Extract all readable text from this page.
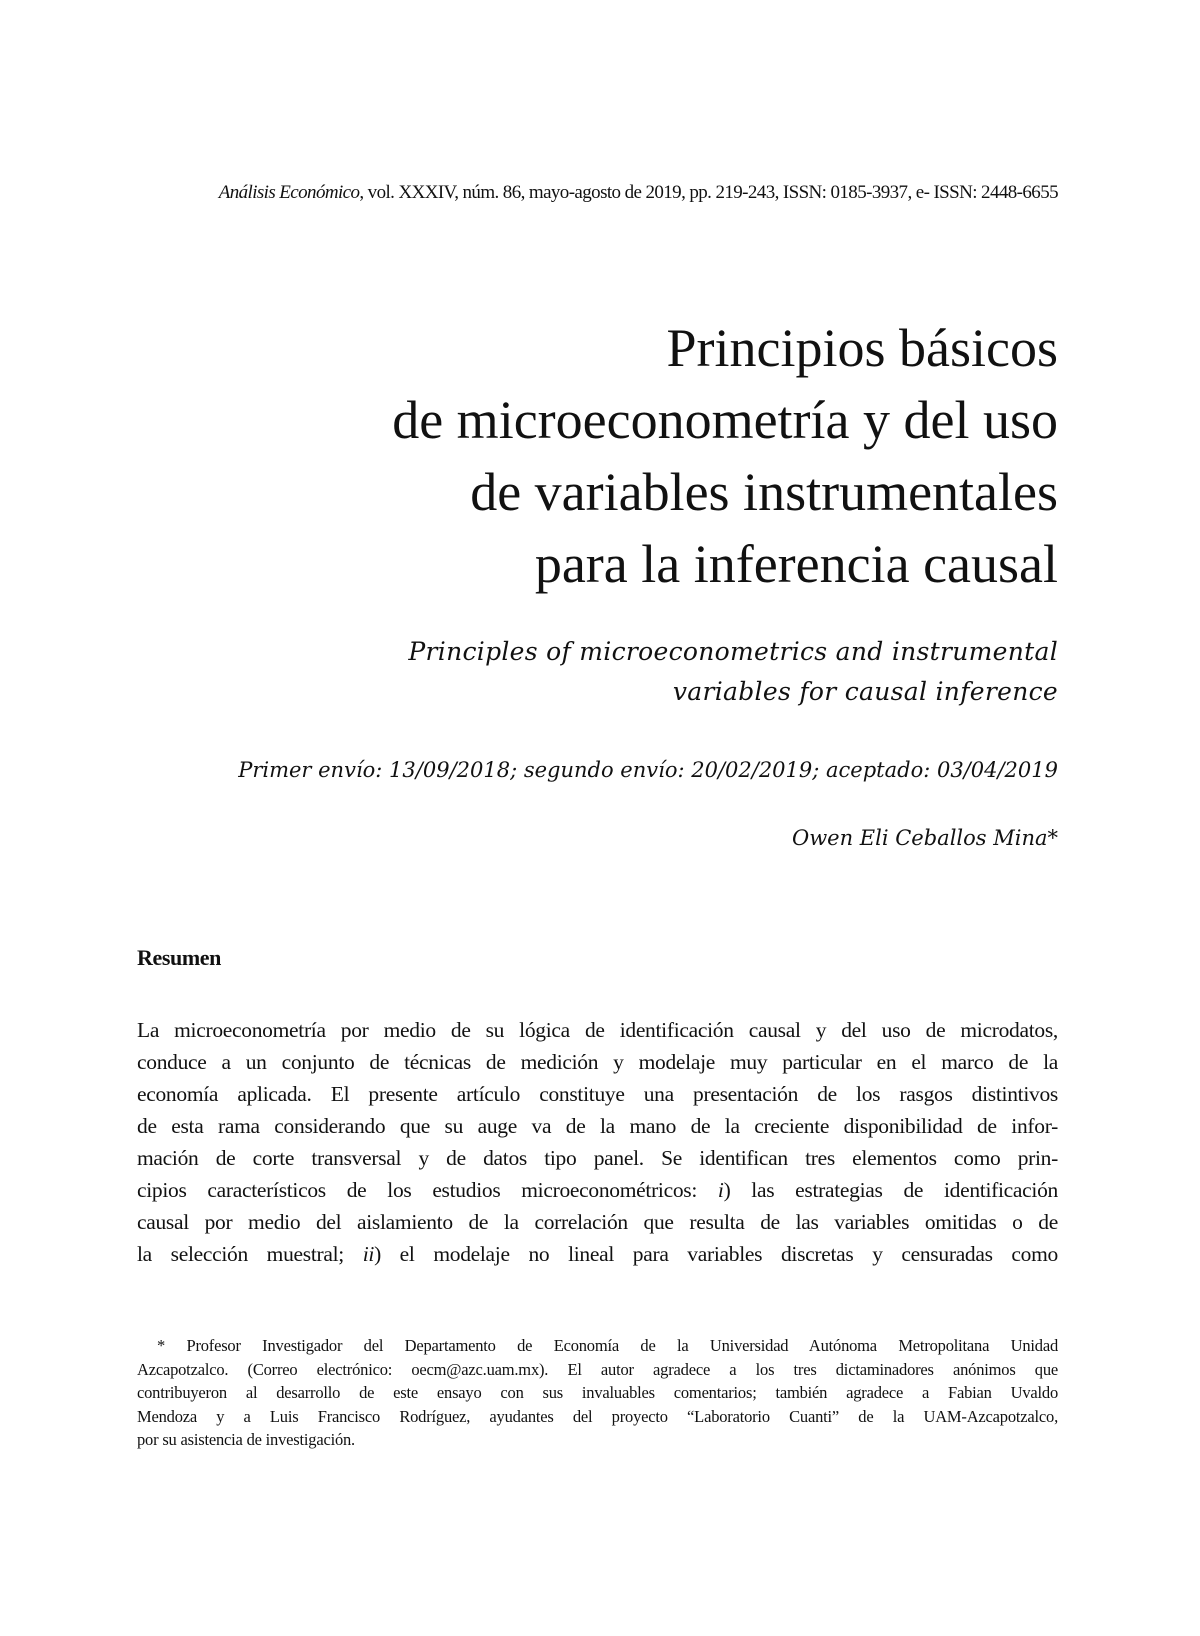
Análisis Económico, vol. XXXIV, núm. 86, mayo-agosto de 2019, pp. 219-243, ISSN: 0185-3937, e- ISSN: 2448-6655
Principios básicos
de microeconometría y del uso
de variables instrumentales
para la inferencia causal
Principles of microeconometrics and instrumental
variables for causal inference
Primer envío: 13/09/2018; segundo envío: 20/02/2019; aceptado: 03/04/2019
Owen Eli Ceballos Mina*
Resumen
La microeconometría por medio de su lógica de identificación causal y del uso de microdatos,
conduce a un conjunto de técnicas de medición y modelaje muy particular en el marco de la
economía aplicada. El presente artículo constituye una presentación de los rasgos distintivos
de esta rama considerando que su auge va de la mano de la creciente disponibilidad de infor-
mación de corte transversal y de datos tipo panel. Se identifican tres elementos como prin-
cipios característicos de los estudios microeconométricos: i) las estrategias de identificación
causal por medio del aislamiento de la correlación que resulta de las variables omitidas o de
la selección muestral; ii) el modelaje no lineal para variables discretas y censuradas como
* Profesor Investigador del Departamento de Economía de la Universidad Autónoma Metropolitana Unidad
Azcapotzalco. (Correo electrónico: oecm@azc.uam.mx). El autor agradece a los tres dictaminadores anónimos que
contribuyeron al desarrollo de este ensayo con sus invaluables comentarios; también agradece a Fabian Uvaldo
Mendoza y a Luis Francisco Rodríguez, ayudantes del proyecto “Laboratorio Cuanti” de la UAM-Azcapotzalco,
por su asistencia de investigación.
